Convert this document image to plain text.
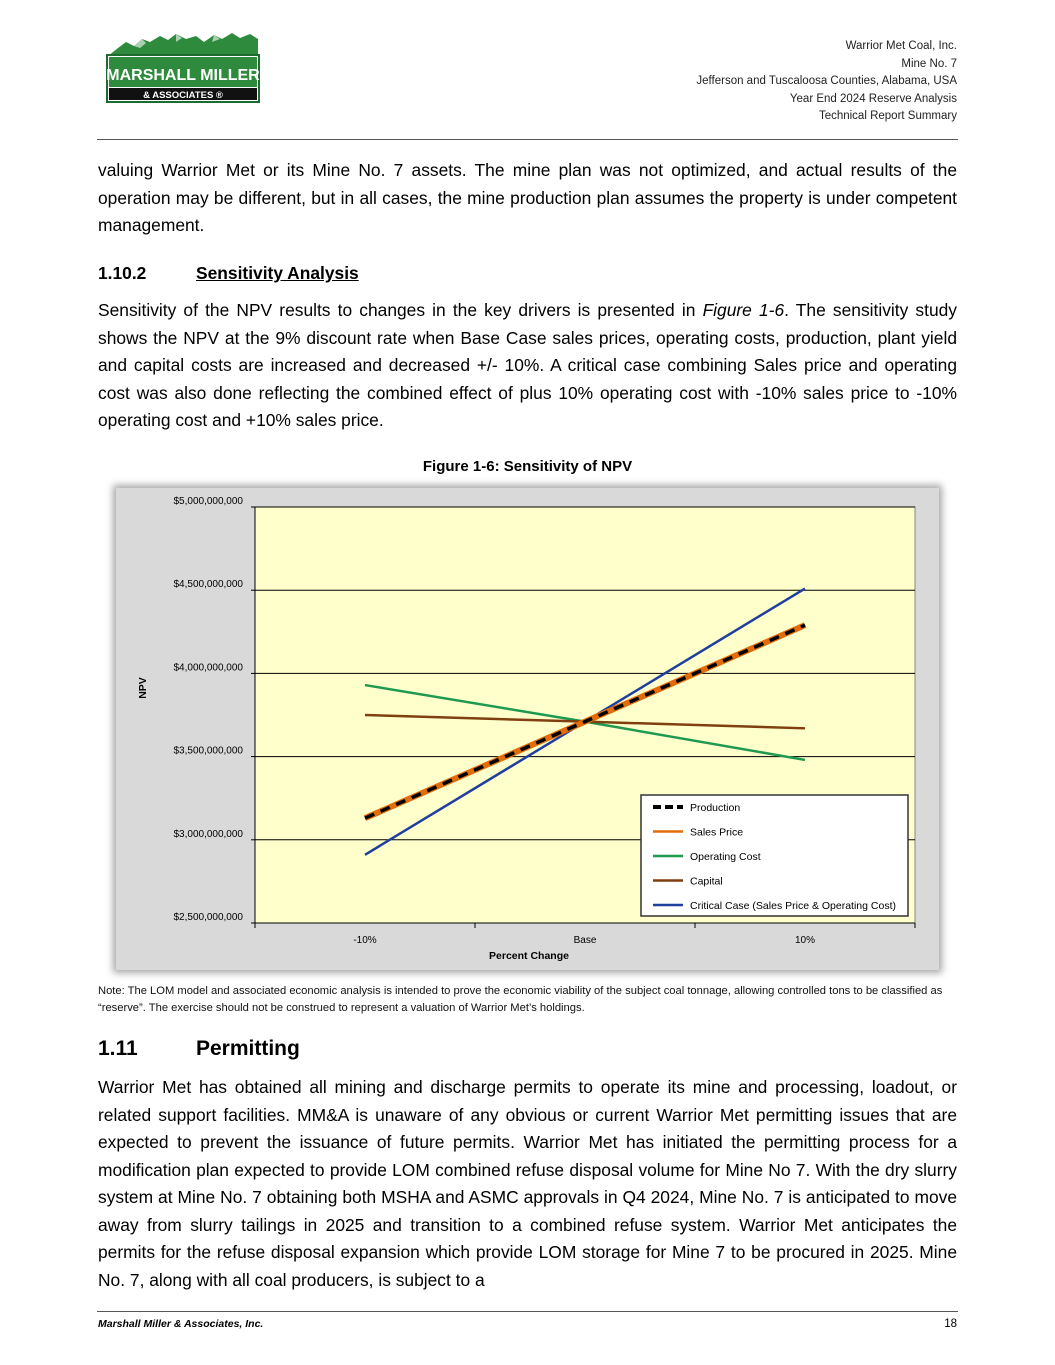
MARSHALL MILLER
& ASSOCIATES ®
Warrior Met Coal, Inc.
Mine No. 7
Jefferson and Tuscaloosa Counties, Alabama, USA
Year End 2024 Reserve Analysis
Technical Report Summary

valuing Warrior Met or its Mine No. 7 assets. The mine plan was not optimized, and actual results of the operation may be different, but in all cases, the mine production plan assumes the property is under competent management.

1.10.2	Sensitivity Analysis

Sensitivity of the NPV results to changes in the key drivers is presented in Figure 1-6. The sensitivity study shows the NPV at the 9% discount rate when Base Case sales prices, operating costs, production, plant yield and capital costs are increased and decreased +/- 10%. A critical case combining Sales price and operating cost was also done reflecting the combined effect of plus 10% operating cost with -10% sales price to -10% operating cost and +10% sales price.

Figure 1-6: Sensitivity of NPV

$2,500,000,000
$3,000,000,000
$3,500,000,000
$4,000,000,000
$4,500,000,000
$5,000,000,000
-10%	Base	10%
Percent Change
NPV
Production
Sales Price
Operating Cost
Capital
Critical Case (Sales Price & Operating Cost)

Note: The LOM model and associated economic analysis is intended to prove the economic viability of the subject coal tonnage, allowing controlled tons to be classified as “reserve”. The exercise should not be construed to represent a valuation of Warrior Met’s holdings.

1.11	Permitting

Warrior Met has obtained all mining and discharge permits to operate its mine and processing, loadout, or related support facilities. MM&A is unaware of any obvious or current Warrior Met permitting issues that are expected to prevent the issuance of future permits. Warrior Met has initiated the permitting process for a modification plan expected to provide LOM combined refuse disposal volume for Mine No 7. With the dry slurry system at Mine No. 7 obtaining both MSHA and ASMC approvals in Q4 2024, Mine No. 7 is anticipated to move away from slurry tailings in 2025 and transition to a combined refuse system. Warrior Met anticipates the permits for the refuse disposal expansion which provide LOM storage for Mine 7 to be procured in 2025. Mine No. 7, along with all coal producers, is subject to a

Marshall Miller & Associates, Inc.	18
